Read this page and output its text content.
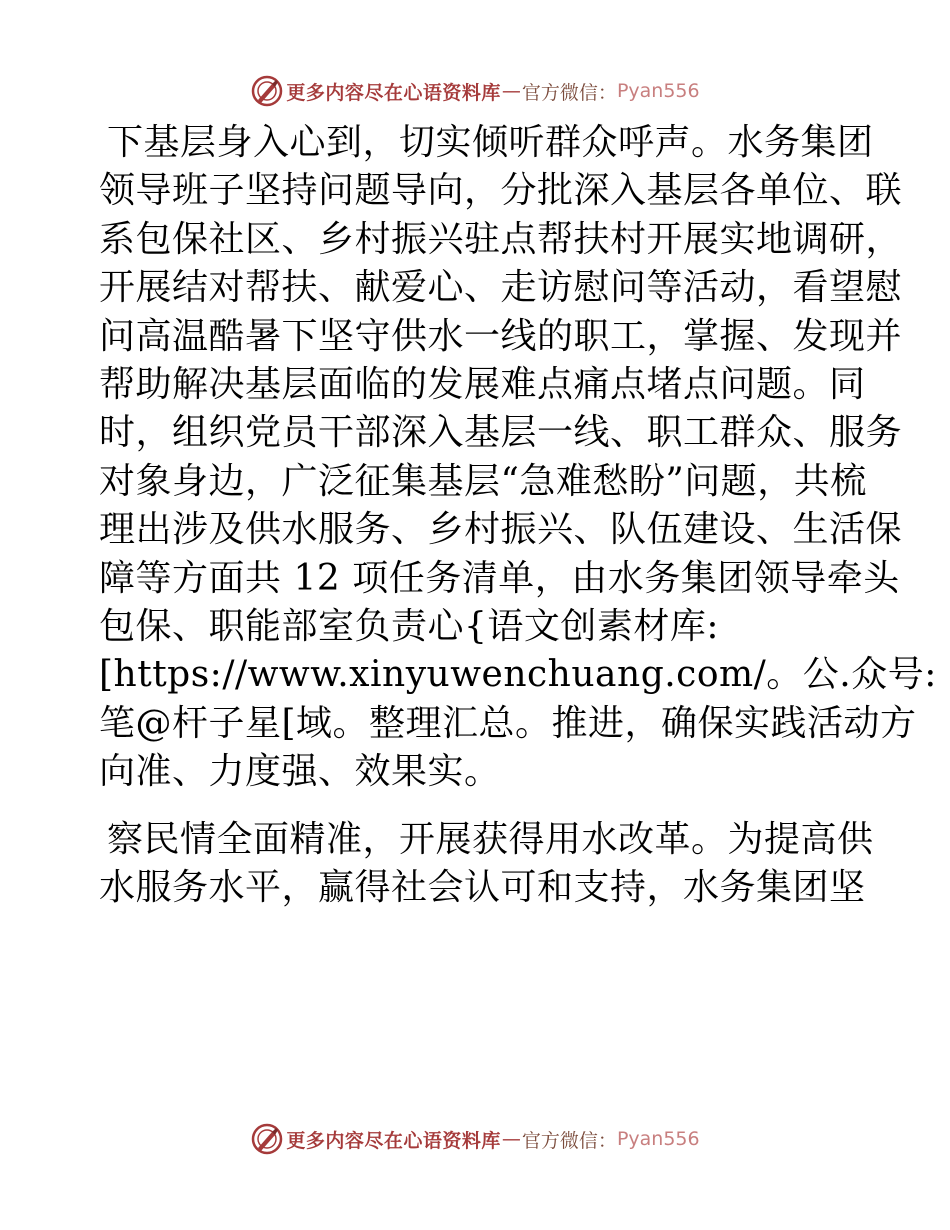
更多内容尽在心语资料库 — 官方微信： Pyan556

下基层身入心到，切实倾听群众呼声。水务集团
领导班子坚持问题导向，分批深入基层各单位、联
系包保社区、乡村振兴驻点帮扶村开展实地调研，
开展结对帮扶、献爱心、走访慰问等活动，看望慰
问高温酷暑下坚守供水一线的职工，掌握、发现并
帮助解决基层面临的发展难点痛点堵点问题。同
时，组织党员干部深入基层一线、职工群众、服务
对象身边，广泛征集基层“急难愁盼”问题，共梳
理出涉及供水服务、乡村振兴、队伍建设、生活保
障等方面共 12 项任务清单，由水务集团领导牵头
包保、职能部室负责心{语文创素材库:
[https://www.xinyuwenchuang.com/。公.众号:
笔@杆子星[域。整理汇总。推进，确保实践活动方
向准、力度强、效果实。

察民情全面精准，开展获得用水改革。为提高供
水服务水平，赢得社会认可和支持，水务集团坚

更多内容尽在心语资料库 — 官方微信： Pyan556
